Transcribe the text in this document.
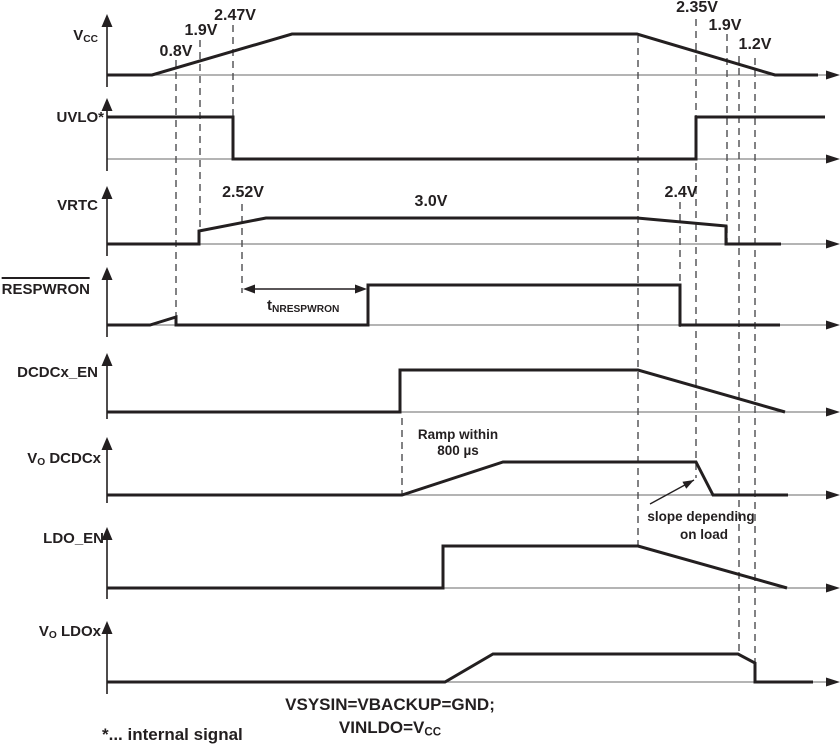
$V_{CC}$
UVLO*
VRTC
RESPWRON
DCDCx_EN
$V_O$ DCDCx
LDO_EN
$V_O$ LDOx
0.8V
1.9V
2.47V
2.52V
3.0V
2.4V
2.35V
1.9V
1.2V
Ramp within
800 µs
slope depending
on load
$t_{NRESPWRON}$
VSYSIN=VBACKUP=GND;
$VINLDO=V_{CC}$
*... internal signal
